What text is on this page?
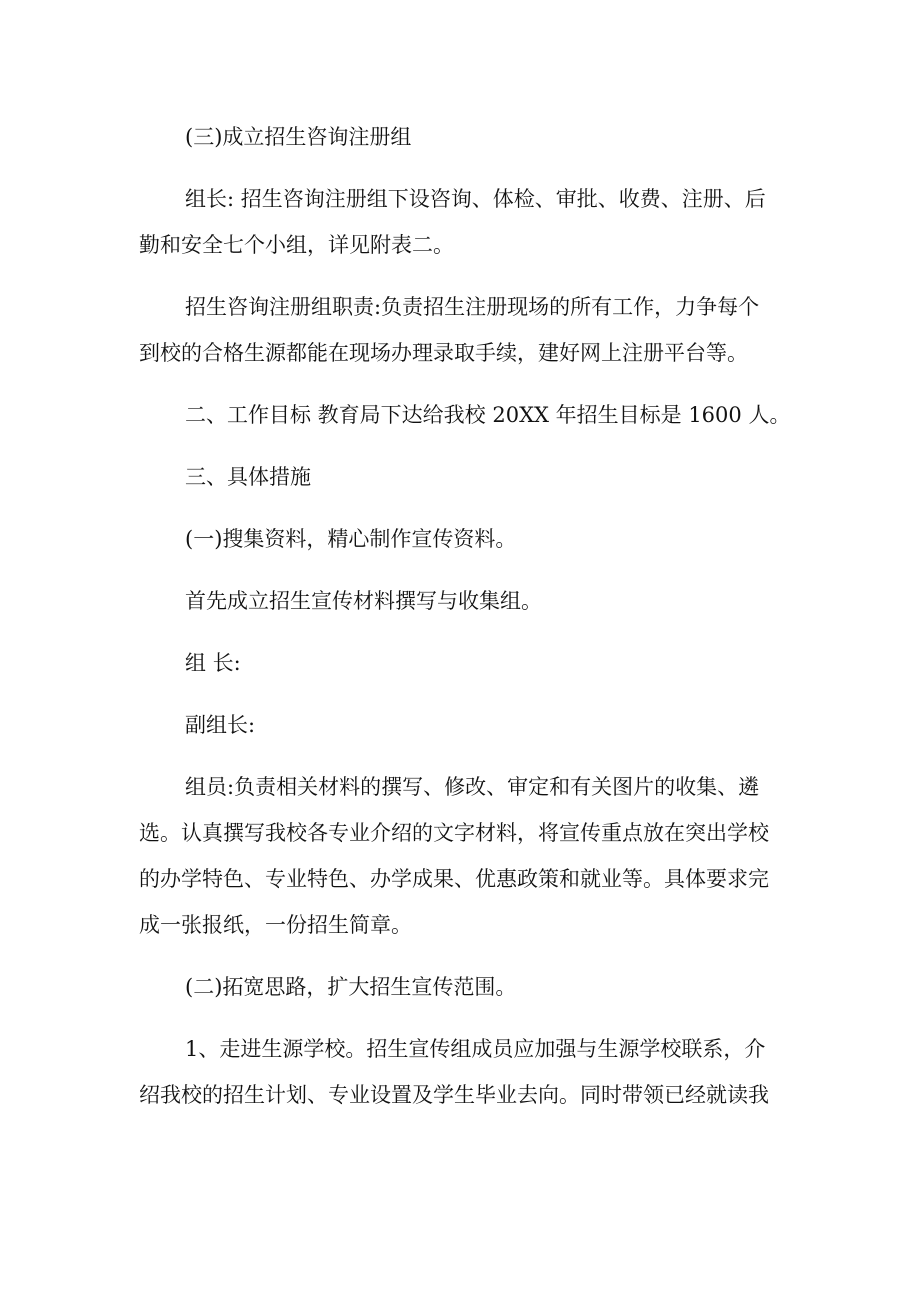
(三)成立招生咨询注册组

组长: 招生咨询注册组下设咨询、体检、审批、收费、注册、后
勤和安全七个小组，详见附表二。

招生咨询注册组职责:负责招生注册现场的所有工作，力争每个
到校的合格生源都能在现场办理录取手续，建好网上注册平台等。

二、工作目标 教育局下达给我校 20XX 年招生目标是 1600 人。

三、具体措施

(一)搜集资料，精心制作宣传资料。

首先成立招生宣传材料撰写与收集组。

组 长:

副组长:

组员:负责相关材料的撰写、修改、审定和有关图片的收集、遴
选。认真撰写我校各专业介绍的文字材料，将宣传重点放在突出学校
的办学特色、专业特色、办学成果、优惠政策和就业等。具体要求完
成一张报纸，一份招生简章。

(二)拓宽思路，扩大招生宣传范围。

1、走进生源学校。招生宣传组成员应加强与生源学校联系，介
绍我校的招生计划、专业设置及学生毕业去向。同时带领已经就读我
